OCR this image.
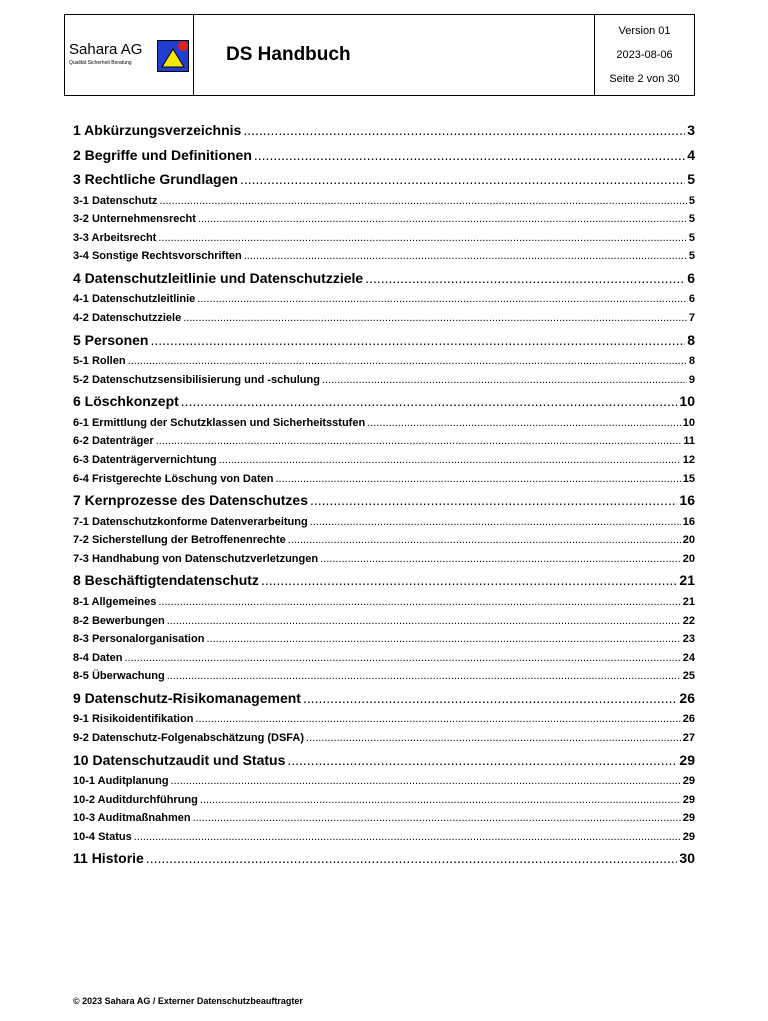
Sahara AG
Qualität Sicherheit Beratung	DS Handbuch
Version 01
2023-08-06
Seite 2 von 30
1 Abkürzungsverzeichnis .....	3
2 Begriffe und Definitionen .....	4
3 Rechtliche Grundlagen .....	5
3-1 Datenschutz .....	5
3-2 Unternehmensrecht .....	5
3-3 Arbeitsrecht .....	5
3-4 Sonstige Rechtsvorschriften .....	5
4 Datenschutzleitlinie und Datenschutzziele .....	6
4-1 Datenschutzleitlinie .....	6
4-2 Datenschutzziele .....	7
5 Personen .....	8
5-1 Rollen .....	8
5-2 Datenschutzsensibilisierung und -schulung .....	9
6 Löschkonzept .....	10
6-1 Ermittlung der Schutzklassen und Sicherheitsstufen .....	10
6-2 Datenträger .....	11
6-3 Datenträgervernichtung .....	12
6-4 Fristgerechte Löschung von Daten .....	15
7 Kernprozesse des Datenschutzes .....	16
7-1 Datenschutzkonforme Datenverarbeitung .....	16
7-2 Sicherstellung der Betroffenenrechte .....	20
7-3 Handhabung von Datenschutzverletzungen .....	20
8 Beschäftigtendatenschutz .....	21
8-1 Allgemeines .....	21
8-2 Bewerbungen .....	22
8-3 Personalorganisation .....	23
8-4 Daten .....	24
8-5 Überwachung .....	25
9 Datenschutz-Risikomanagement .....	26
9-1 Risikoidentifikation .....	26
9-2 Datenschutz-Folgenabschätzung (DSFA) .....	27
10 Datenschutzaudit und Status .....	29
10-1 Auditplanung .....	29
10-2 Auditdurchführung .....	29
10-3 Auditmaßnahmen .....	29
10-4 Status .....	29
11 Historie .....	30
© 2023 Sahara AG / Externer Datenschutzbeauftragter
